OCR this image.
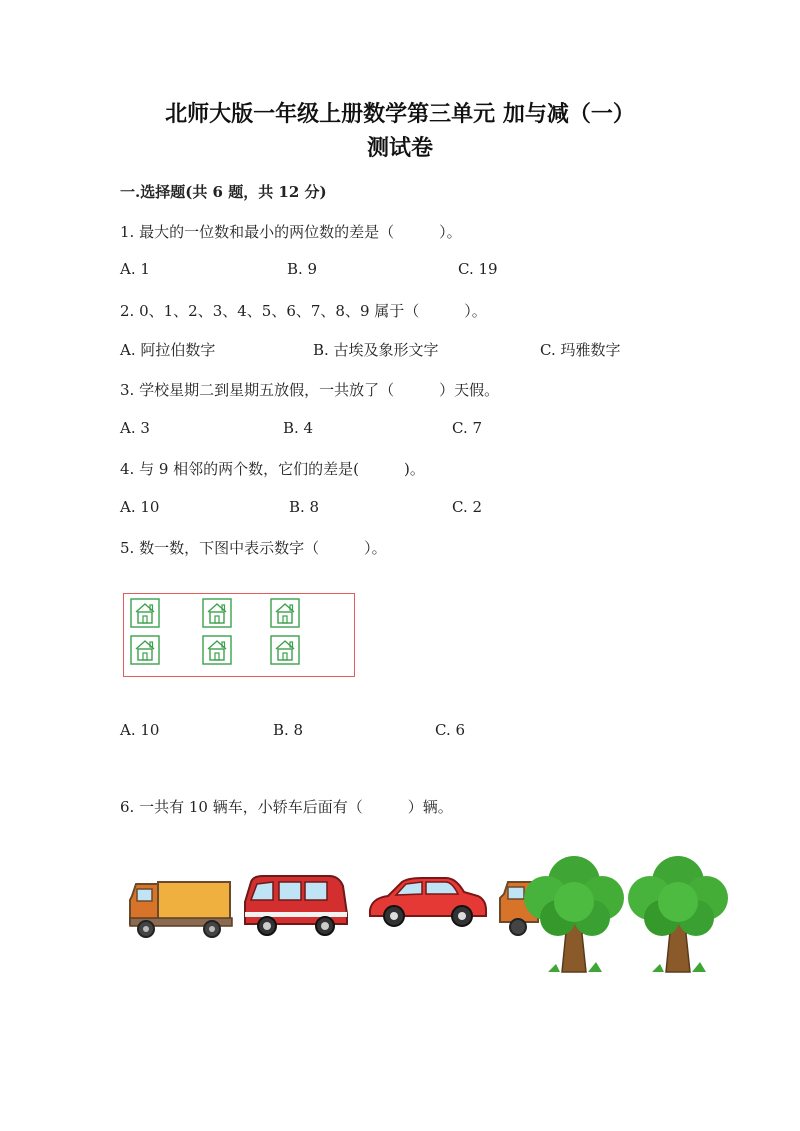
北师大版一年级上册数学第三单元 加与减（一）
测试卷
一.选择题(共 6 题，共 12 分)
1. 最大的一位数和最小的两位数的差是（　　　）。
A. 1	B. 9	C. 19
2. 0、1、2、3、4、5、6、7、8、9 属于（　　　）。
A. 阿拉伯数字	B. 古埃及象形文字	C. 玛雅数字
3. 学校星期二到星期五放假，一共放了（　　　）天假。
A. 3	B. 4	C. 7
4. 与 9 相邻的两个数，它们的差是(　　　)。
A. 10	B. 8	C. 2
5. 数一数，下图中表示数字（　　　）。
A. 10	B. 8	C. 6
6. 一共有 10 辆车，小轿车后面有（　　　）辆。
